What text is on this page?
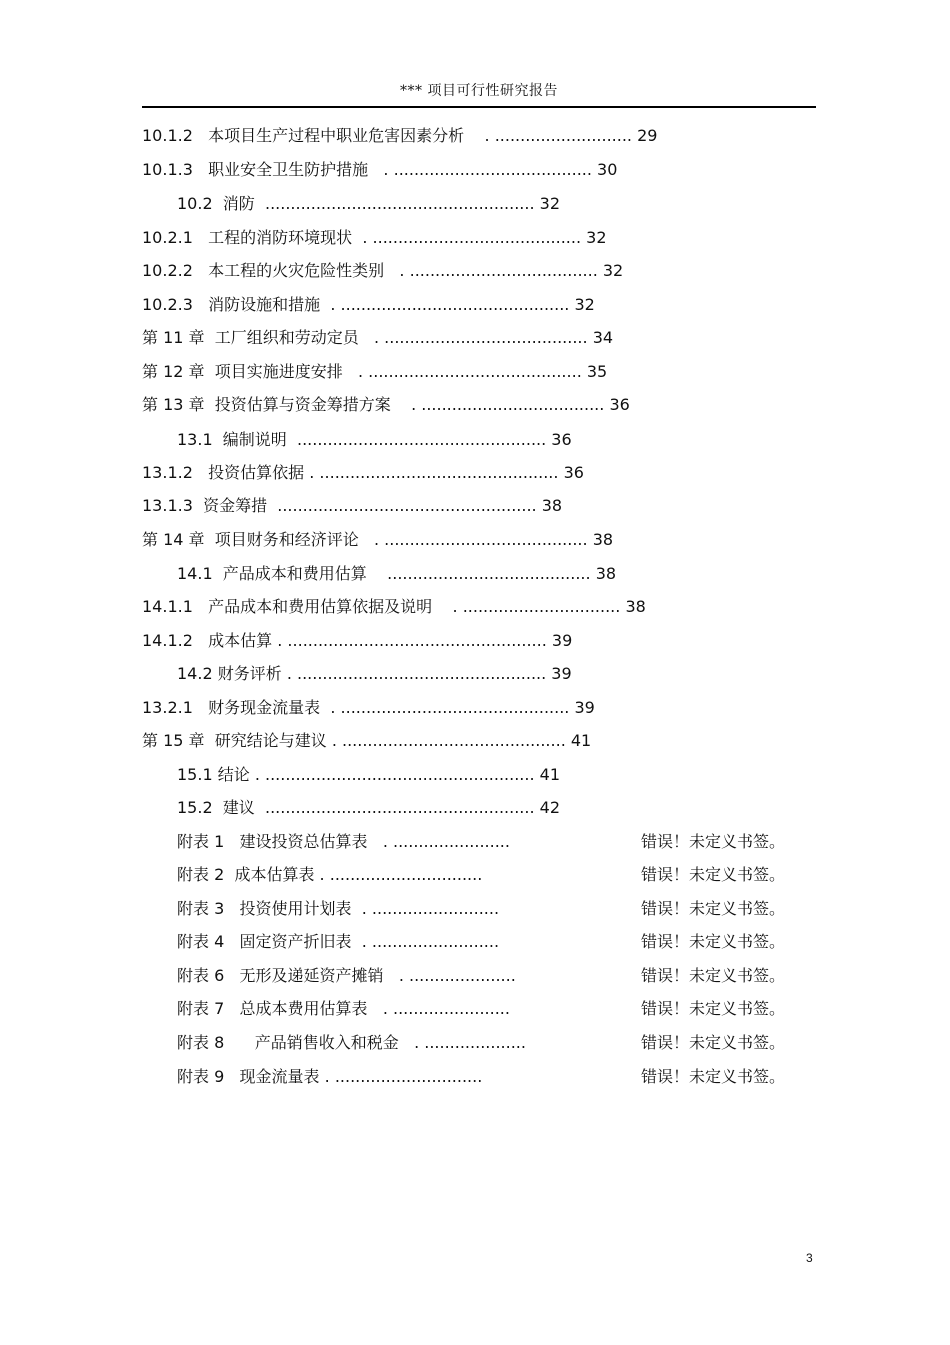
*** 项目可行性研究报告
10.1.2 本项目生产过程中职业危害因素分析    . ........................... 29
10.1.3 职业安全卫生防护措施   . ....................................... 30
10.2 消防  ..................................................... 32
10.2.1 工程的消防环境现状  . ......................................... 32
10.2.2 本工程的火灾危险性类别   . ..................................... 32
10.2.3 消防设施和措施  . ............................................. 32
第 11 章 工厂组织和劳动定员   . ........................................ 34
第 12 章 项目实施进度安排   . .......................................... 35
第 13 章 投资估算与资金筹措方案    . .................................... 36
13.1 编制说明  ................................................. 36
13.1.2 投资估算依据 . ............................................... 36
13.1.3 资金筹措  ................................................... 38
第 14 章 项目财务和经济评论   . ........................................ 38
14.1 产品成本和费用估算    ........................................ 38
14.1.1 产品成本和费用估算依据及说明    . ............................... 38
14.1.2 成本估算 . ................................................... 39
14.2 财务评析 . ................................................. 39
13.2.1 财务现金流量表  . ............................................. 39
第 15 章 研究结论与建议 . ............................................ 41
15.1 结论 . ..................................................... 41
15.2 建议  ..................................................... 42
附表 1 建设投资总估算表   . .......................	错误！未定义书签。
附表 2 成本估算表 . ..............................	错误！未定义书签。
附表 3 投资使用计划表  . .........................	错误！未定义书签。
附表 4 固定资产折旧表  . .........................	错误！未定义书签。
附表 6 无形及递延资产摊销   . .....................	错误！未定义书签。
附表 7 总成本费用估算表   . .......................	错误！未定义书签。
附表 8 产品销售收入和税金   . ....................	错误！未定义书签。
附表 9 现金流量表 . .............................	错误！未定义书签。
3
